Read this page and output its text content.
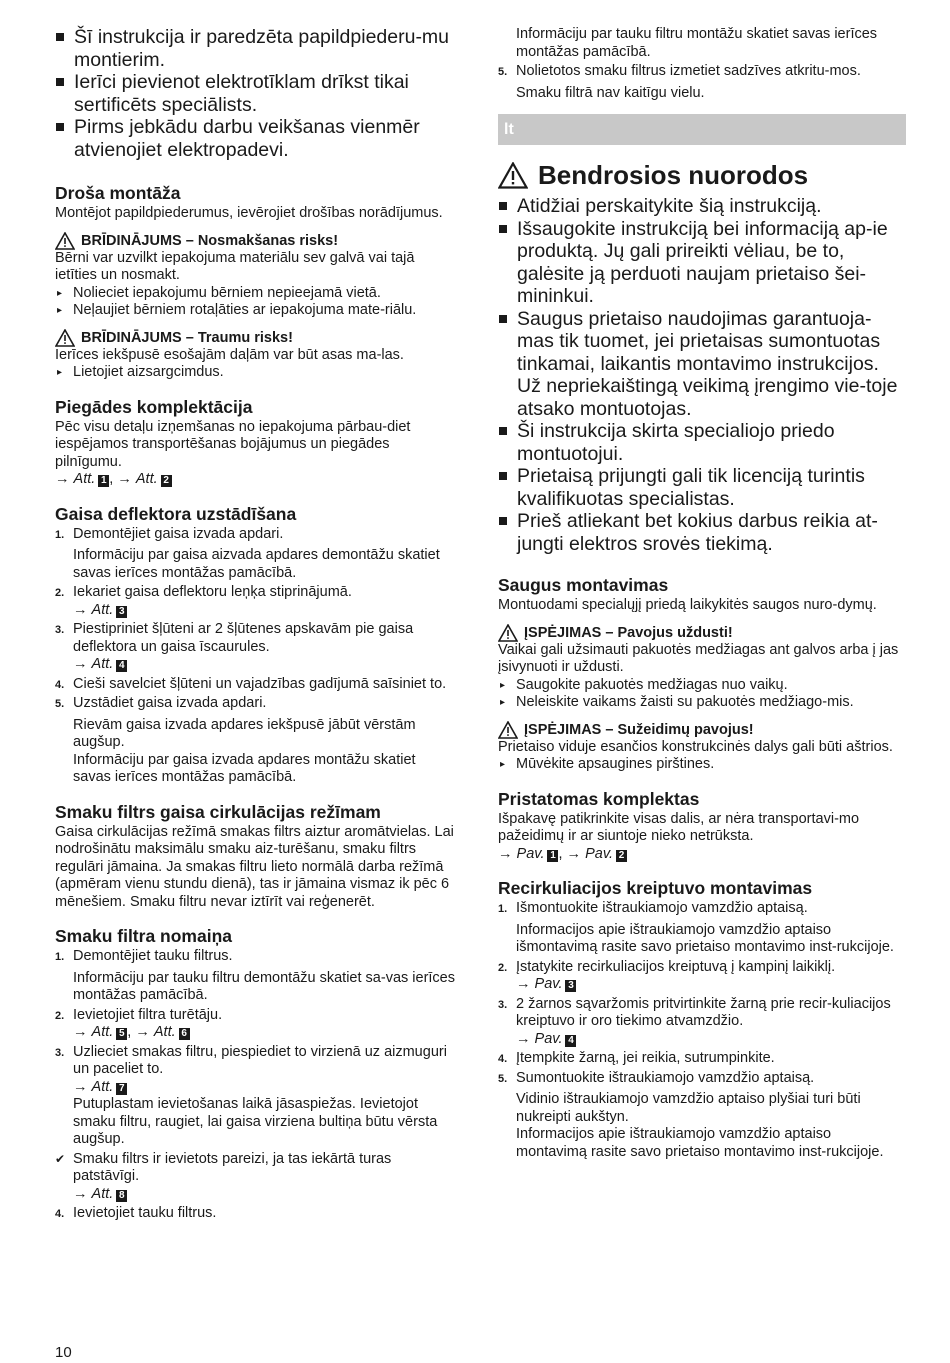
Šī instrukcija ir paredzēta papildpiederu-mu montierim.
Ierīci pievienot elektrotīklam drīkst tikai sertificēts speciālists.
Pirms jebkādu darbu veikšanas vienmēr atvienojiet elektropadevi.
Droša montāža

Montējot papildpiederumus, ievērojiet drošības norādījumus.

BRĪDINĀJUMS – Nosmakšanas risks!

Bērni var uzvilkt iepakojuma materiālu sev galvā vai tajā ietīties un nosmakt.

▸ Nolieciet iepakojumu bērniem nepieejamā vietā.
▸ Neļaujiet bērniem rotaļāties ar iepakojuma mate-riālu.
BRĪDINĀJUMS – Traumu risks!

Ierīces iekšpusē esošajām daļām var būt asas ma-las.

▸ Lietojiet aizsargcimdus.
Piegādes komplektācija

Pēc visu detaļu izņemšanas no iepakojuma pārbau-diet iespējamos transportēšanas bojājumus un piegādes pilnīgumu.

→ Att. 1 , → Att. 2

Gaisa deflektora uzstādīšana
1. Demontējiet gaisa izvada apdari.

Informāciju par gaisa aizvada apdares demontāžu skatiet savas ierīces montāžas pamācībā.

2. Iekariet gaisa deflektoru leņķa stiprinājumā.

→ Att. 3

3. Piestipriniet šļūteni ar 2 šļūtenes apskavām pie gaisa deflektora un gaisa īscaurules.

→ Att. 4

4. Cieši savelciet šļūteni un vajadzības gadījumā saīsiniet to.
5. Uzstādiet gaisa izvada apdari.

Rievām gaisa izvada apdares iekšpusē jābūt vērstām augšup.

Informāciju par gaisa izvada apdares montāžu skatiet savas ierīces montāžas pamācībā.

Smaku filtrs gaisa cirkulācijas režīmam

Gaisa cirkulācijas režīmā smakas filtrs aiztur aromātvielas. Lai nodrošinātu maksimālu smaku aiz-turēšanu, smaku filtrs regulāri jāmaina. Ja smakas filtru lieto normālā darba režīmā (apmēram vienu stundu dienā), tas ir jāmaina vismaz ik pēc 6 mēnešiem. Smaku filtru nevar iztīrīt vai reģenerēt.

Smaku filtra nomaiņa
1. Demontējiet tauku filtrus.

Informāciju par tauku filtru demontāžu skatiet sa-vas ierīces montāžas pamācībā.

2. Ievietojiet filtra turētāju.

→ Att. 5 , → Att. 6

3. Uzlieciet smakas filtru, piespiediet to virzienā uz aizmuguri un paceliet to.

→ Att. 7

Putuplastam ievietošanas laikā jāsaspiežas. Ievietojot smaku filtru, raugiet, lai gaisa virziena bultiņa būtu vērsta augšup.

✔ Smaku filtrs ir ievietots pareizi, ja tas iekārtā turas patstāvīgi.

→ Att. 8

4. Ievietojiet tauku filtrus.

Informāciju par tauku filtru montāžu skatiet savas ierīces montāžas pamācībā.

5. Nolietotos smaku filtrus izmetiet sadzīves atkritu-mos.

Smaku filtrā nav kaitīgu vielu.

lt
Bendrosios nuorodos
Atidžiai perskaitykite šią instrukciją.
Išsaugokite instrukciją bei informaciją ap-ie produktą. Jų gali prireikti vėliau, be to, galėsite ją perduoti naujam prietaiso šei-mininkui.
Saugus prietaiso naudojimas garantuoja-mas tik tuomet, jei prietaisas sumontuotas tinkamai, laikantis montavimo instrukcijos. Už nepriekaištingą veikimą įrengimo vie-toje atsako montuotojas.
Ši instrukcija skirta specialiojo priedo montuotojui.
Prietaisą prijungti gali tik licenciją turintis kvalifikuotas specialistas.
Prieš atliekant bet kokius darbus reikia at-jungti elektros srovės tiekimą.
Saugus montavimas

Montuodami specialųjį priedą laikykitės saugos nuro-dymų.

ĮSPĖJIMAS – Pavojus uždusti!

Vaikai gali užsimauti pakuotės medžiagas ant galvos arba į jas įsivynuoti ir uždusti.

▸ Saugokite pakuotės medžiagas nuo vaikų.
▸ Neleiskite vaikams žaisti su pakuotės medžiago-mis.
ĮSPĖJIMAS – Sužeidimų pavojus!

Prietaiso viduje esančios konstrukcinės dalys gali būti aštrios.

▸ Mūvėkite apsaugines pirštines.
Pristatomas komplektas

Išpakavę patikrinkite visas dalis, ar nėra transportavi-mo pažeidimų ir ar siuntoje nieko netrūksta.

→ Pav. 1 , → Pav. 2

Recirkuliacijos kreiptuvo montavimas
1. Išmontuokite ištraukiamojo vamzdžio aptaisą.

Informacijos apie ištraukiamojo vamzdžio aptaiso išmontavimą rasite savo prietaiso montavimo inst-rukcijoje.

2. Įstatykite recirkuliacijos kreiptuvą į kampinį laikiklį.

→ Pav. 3

3. 2 žarnos sąvaržomis pritvirtinkite žarną prie recir-kuliacijos kreiptuvo ir oro tiekimo atvamzdžio.

→ Pav. 4

4. Įtempkite žarną, jei reikia, sutrumpinkite.
5. Sumontuokite ištraukiamojo vamzdžio aptaisą.

Vidinio ištraukiamojo vamzdžio aptaiso plyšiai turi būti nukreipti aukštyn.

Informacijos apie ištraukiamojo vamzdžio aptaiso montavimą rasite savo prietaiso montavimo inst-rukcijoje.

10
